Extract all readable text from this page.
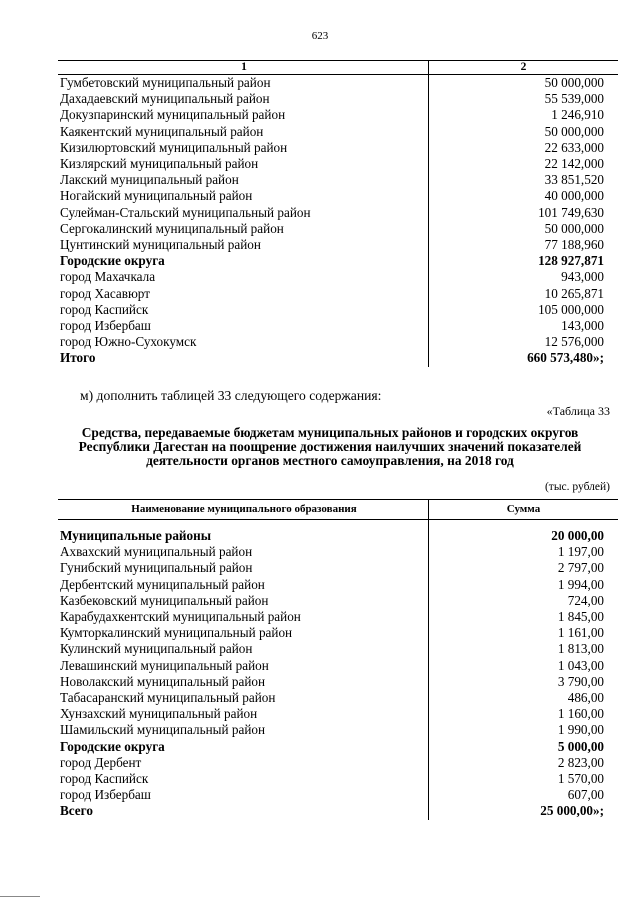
623
1	2
Гумбетовский муниципальный район	50 000,000
Дахадаевский муниципальный район	55 539,000
Докузпаринский муниципальный район	1 246,910
Каякентский муниципальный район	50 000,000
Кизилюртовский муниципальный район	22 633,000
Кизлярский муниципальный район	22 142,000
Лакский муниципальный район	33 851,520
Ногайский муниципальный район	40 000,000
Сулейман-Стальский муниципальный район	101 749,630
Сергокалинский муниципальный район	50 000,000
Цунтинский муниципальный район	77 188,960
Городские округа	128 927,871
город Махачкала	943,000
город Хасавюрт	10 265,871
город Каспийск	105 000,000
город Избербаш	143,000
город Южно-Сухокумск	12 576,000
Итого	660 573,480»;
м) дополнить таблицей 33 следующего содержания:
«Таблица 33
Средства, передаваемые бюджетам муниципальных районов и городских округов Республики Дагестан на поощрение достижения наилучших значений показателей деятельности органов местного самоуправления, на 2018 год
(тыс. рублей)
Наименование муниципального образования	Сумма

Муниципальные районы	20 000,00
Ахвахский муниципальный район	1 197,00
Гунибский муниципальный район	2 797,00
Дербентский муниципальный район	1 994,00
Казбековский муниципальный район	724,00
Карабудахкентский муниципальный район	1 845,00
Кумторкалинский муниципальный район	1 161,00
Кулинский муниципальный район	1 813,00
Левашинский муниципальный район	1 043,00
Новолакский муниципальный район	3 790,00
Табасаранский муниципальный район	486,00
Хунзахский муниципальный район	1 160,00
Шамильский муниципальный район	1 990,00
Городские округа	5 000,00
город Дербент	2 823,00
город Каспийск	1 570,00
город Избербаш	607,00
Всего	25 000,00»;
